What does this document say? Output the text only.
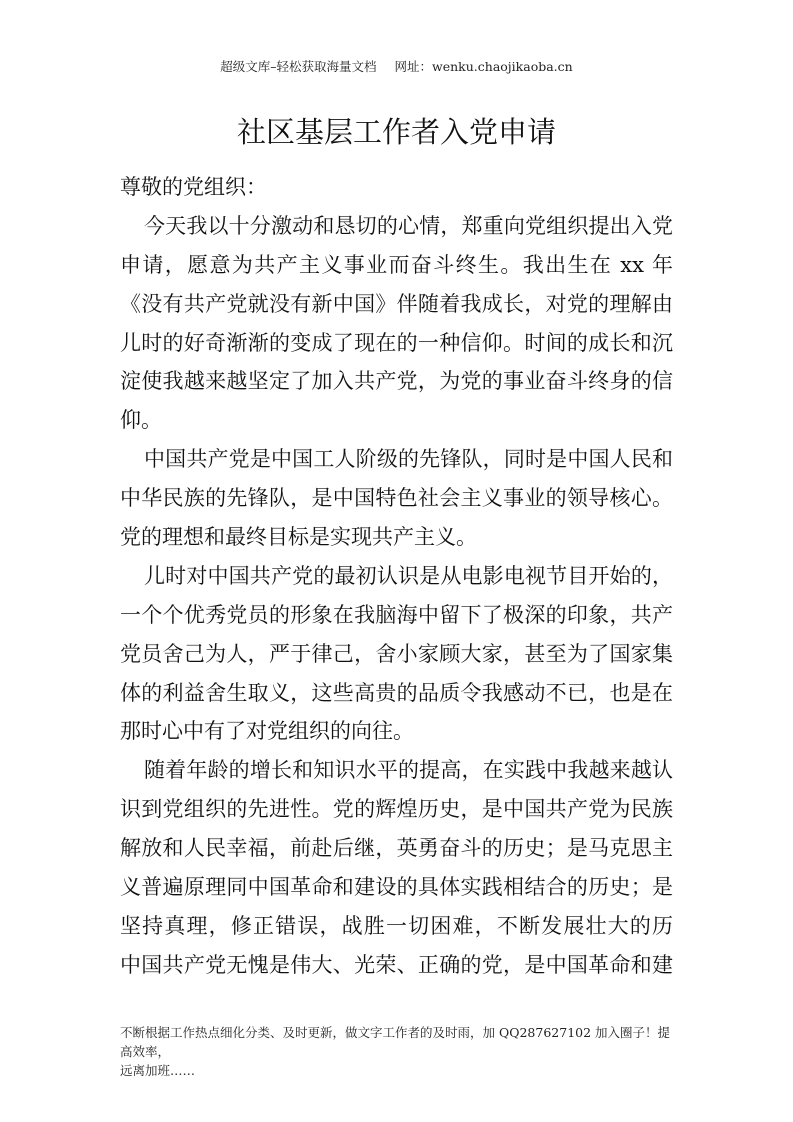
超级文库–轻松获取海量文档 网址：wenku.chaojikaoba.cn
社区基层工作者入党申请
尊敬的党组织：
今天我以十分激动和恳切的心情，郑重向党组织提出入党
申请，愿意为共产主义事业而奋斗终生。我出生在 xx 年
《没有共产党就没有新中国》伴随着我成长，对党的理解由
儿时的好奇渐渐的变成了现在的一种信仰。时间的成长和沉
淀使我越来越坚定了加入共产党，为党的事业奋斗终身的信
仰。
中国共产党是中国工人阶级的先锋队，同时是中国人民和
中华民族的先锋队，是中国特色社会主义事业的领导核心。
党的理想和最终目标是实现共产主义。
儿时对中国共产党的最初认识是从电影电视节目开始的，
一个个优秀党员的形象在我脑海中留下了极深的印象，共产
党员舍己为人，严于律己，舍小家顾大家，甚至为了国家集
体的利益舍生取义，这些高贵的品质令我感动不已，也是在
那时心中有了对党组织的向往。
随着年龄的增长和知识水平的提高，在实践中我越来越认
识到党组织的先进性。党的辉煌历史，是中国共产党为民族
解放和人民幸福，前赴后继，英勇奋斗的历史；是马克思主
义普遍原理同中国革命和建设的具体实践相结合的历史；是
坚持真理，修正错误，战胜一切困难，不断发展壮大的历
中国共产党无愧是伟大、光荣、正确的党，是中国革命和建
不断根据工作热点细化分类、及时更新，做文字工作者的及时雨，加 QQ287627102 加入圈子！提高效率，
远离加班……
